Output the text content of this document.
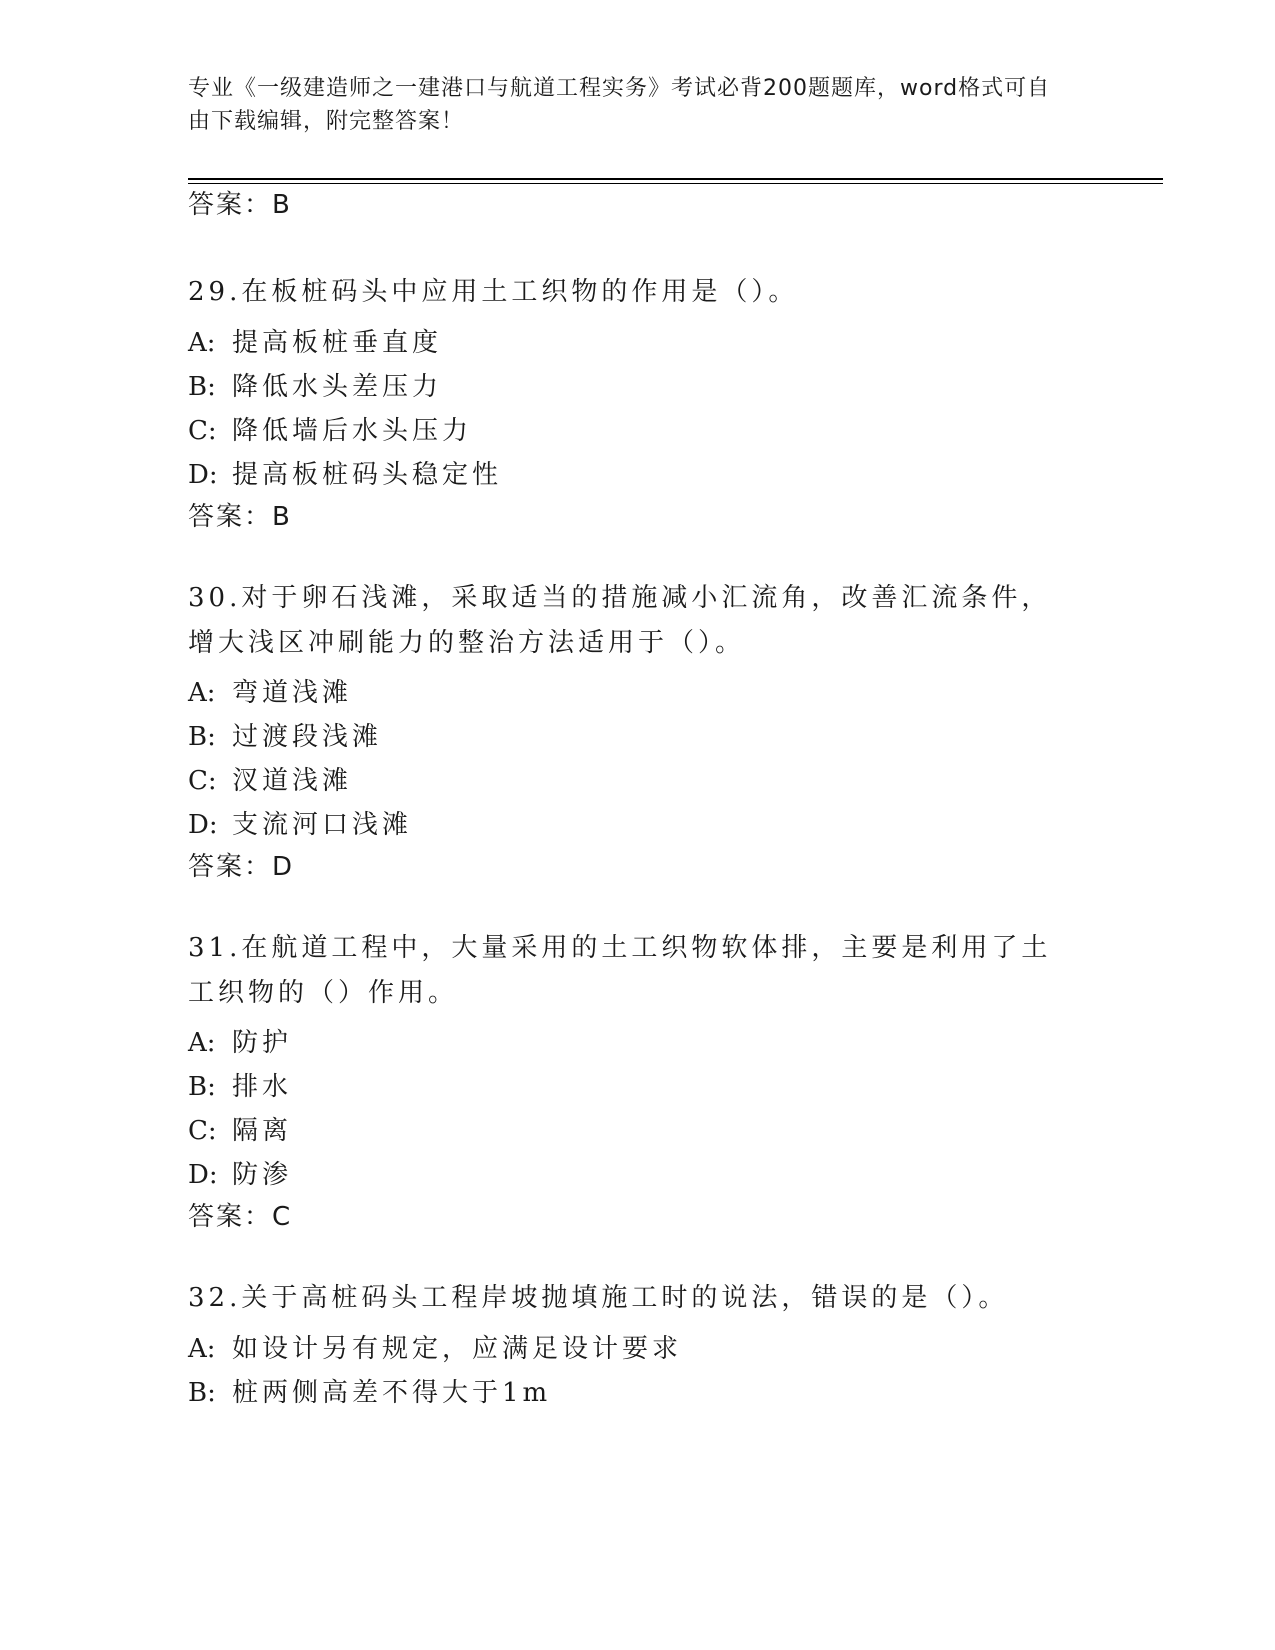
专业《一级建造师之一建港口与航道工程实务》考试必背200题题库，word格式可自由下载编辑，附完整答案！
答案：B
29.在板桩码头中应用土工织物的作用是（）。
A: 提高板桩垂直度
B: 降低水头差压力
C: 降低墙后水头压力
D: 提高板桩码头稳定性
答案：B
30.对于卵石浅滩，采取适当的措施减小汇流角，改善汇流条件，增大浅区冲刷能力的整治方法适用于（）。
A: 弯道浅滩
B: 过渡段浅滩
C: 汊道浅滩
D: 支流河口浅滩
答案：D
31.在航道工程中，大量采用的土工织物软体排，主要是利用了土工织物的（）作用。
A: 防护
B: 排水
C: 隔离
D: 防渗
答案：C
32.关于高桩码头工程岸坡抛填施工时的说法，错误的是（）。
A: 如设计另有规定，应满足设计要求
B: 桩两侧高差不得大于1m
